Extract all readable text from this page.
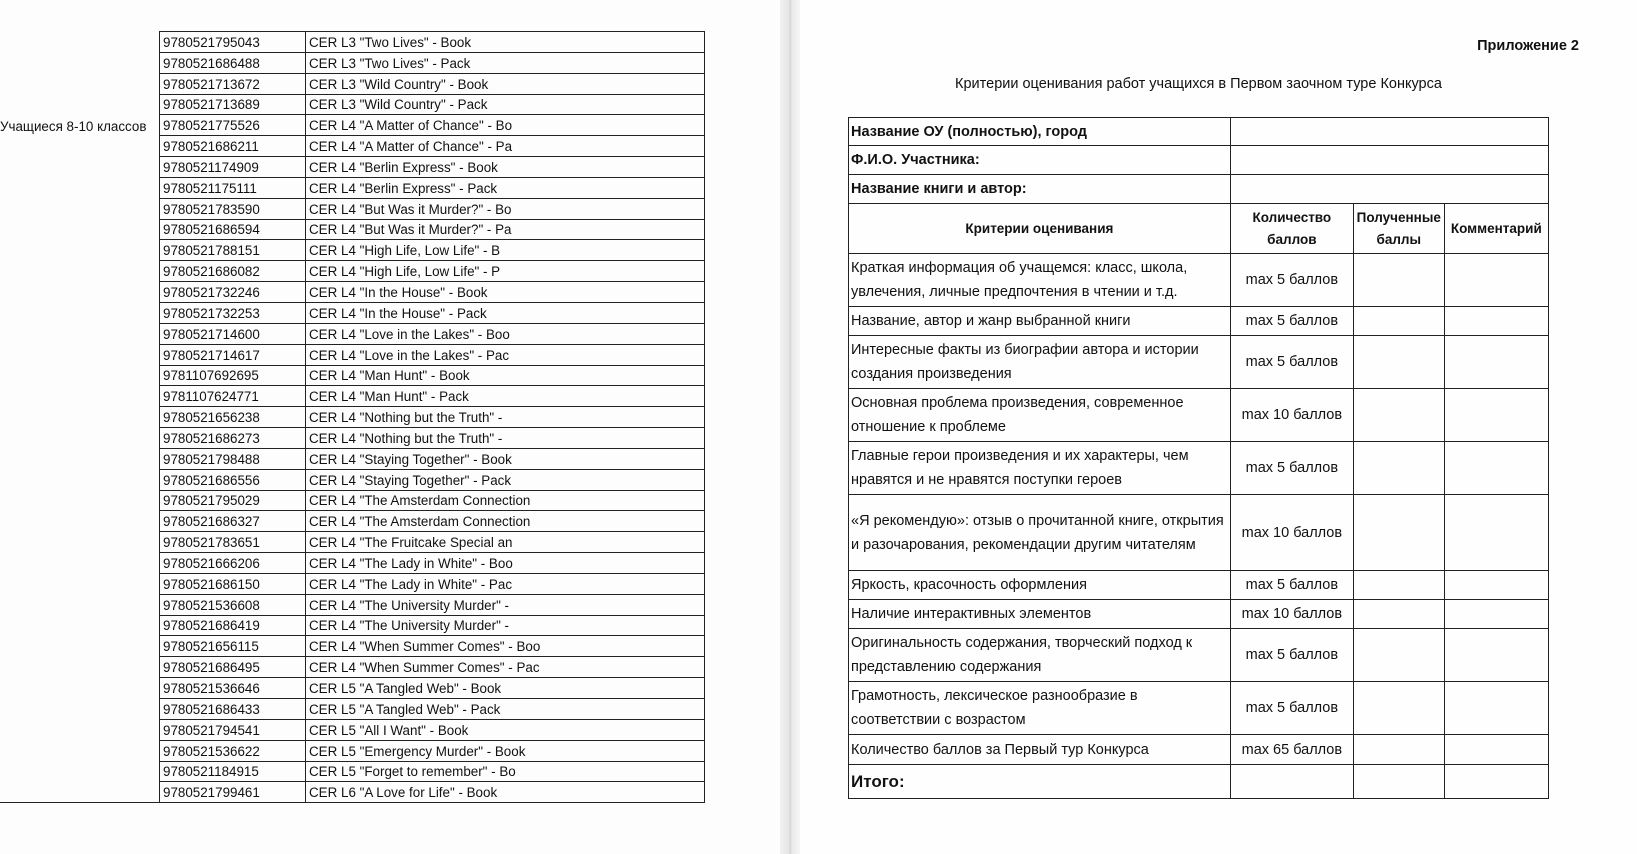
	9780521795043	CER L3 "Two Lives" - Book
	9780521686488	CER L3 "Two Lives" - Pack
	9780521713672	CER L3 "Wild Country" - Book
	9780521713689	CER L3 "Wild Country" - Pack
Учащиеся 8-10 классов	9780521775526	CER L4 "A Matter of Chance" - Bo
	9780521686211	CER L4 "A Matter of Chance" - Pa
	9780521174909	CER L4 "Berlin Express" - Book
	9780521175111	CER L4 "Berlin Express" - Pack
	9780521783590	CER L4 "But Was it Murder?" - Bo
	9780521686594	CER L4 "But Was it Murder?" - Pa
	9780521788151	CER L4 "High Life, Low Life" - B
	9780521686082	CER L4 "High Life, Low Life" - P
	9780521732246	CER L4 "In the House" - Book
	9780521732253	CER L4 "In the House" - Pack
	9780521714600	CER L4 "Love in the Lakes" - Boo
	9780521714617	CER L4 "Love in the Lakes" - Pac
	9781107692695	CER L4 "Man Hunt" - Book
	9781107624771	CER L4 "Man Hunt" - Pack
	9780521656238	CER L4 "Nothing but the Truth" -
	9780521686273	CER L4 "Nothing but the Truth" -
	9780521798488	CER L4 "Staying Together" - Book
	9780521686556	CER L4 "Staying Together" - Pack
	9780521795029	CER L4 "The Amsterdam Connection
	9780521686327	CER L4 "The Amsterdam Connection
	9780521783651	CER L4 "The Fruitcake Special an
	9780521666206	CER L4 "The Lady in White" - Boo
	9780521686150	CER L4 "The Lady in White" - Pac
	9780521536608	CER L4 "The University Murder" -
	9780521686419	CER L4 "The University Murder" -
	9780521656115	CER L4 "When Summer Comes" - Boo
	9780521686495	CER L4 "When Summer Comes" - Pac
	9780521536646	CER L5 "A Tangled Web" - Book
	9780521686433	CER L5 "A Tangled Web" - Pack
	9780521794541	CER L5 "All I Want" - Book
	9780521536622	CER L5 "Emergency Murder" - Book
	9780521184915	CER L5 "Forget to remember" - Bo
	9780521799461	CER L6 "A Love for Life" - Book
Приложение 2
Критерии оценивания работ учащихся в Первом заочном туре Конкурса
Название ОУ (полностью), город			
Ф.И.О. Участника:			
Название книги и автор:			
Критерии оценивания	Количество баллов	Полученные баллы	Комментарий
Краткая информация об учащемся: класс, школа, увлечения, личные предпочтения в чтении и т.д.	max 5 баллов		
Название, автор и жанр выбранной книги	max 5 баллов		
Интересные факты из биографии автора и истории создания произведения	max 5 баллов		
Основная проблема произведения, современное отношение к проблеме	max 10 баллов		
Главные герои произведения и их характеры, чем нравятся и не нравятся поступки героев	max 5 баллов		
«Я рекомендую»: отзыв о прочитанной книге, открытия и разочарования, рекомендации другим читателям	max 10 баллов		
Яркость, красочность оформления	max 5 баллов		
Наличие интерактивных элементов	max 10 баллов		
Оригинальность содержания, творческий подход к представлению содержания	max 5 баллов		
Грамотность, лексическое разнообразие в соответствии с возрастом	max 5 баллов		
Количество баллов за Первый тур Конкурса	max 65 баллов		
Итого:			
